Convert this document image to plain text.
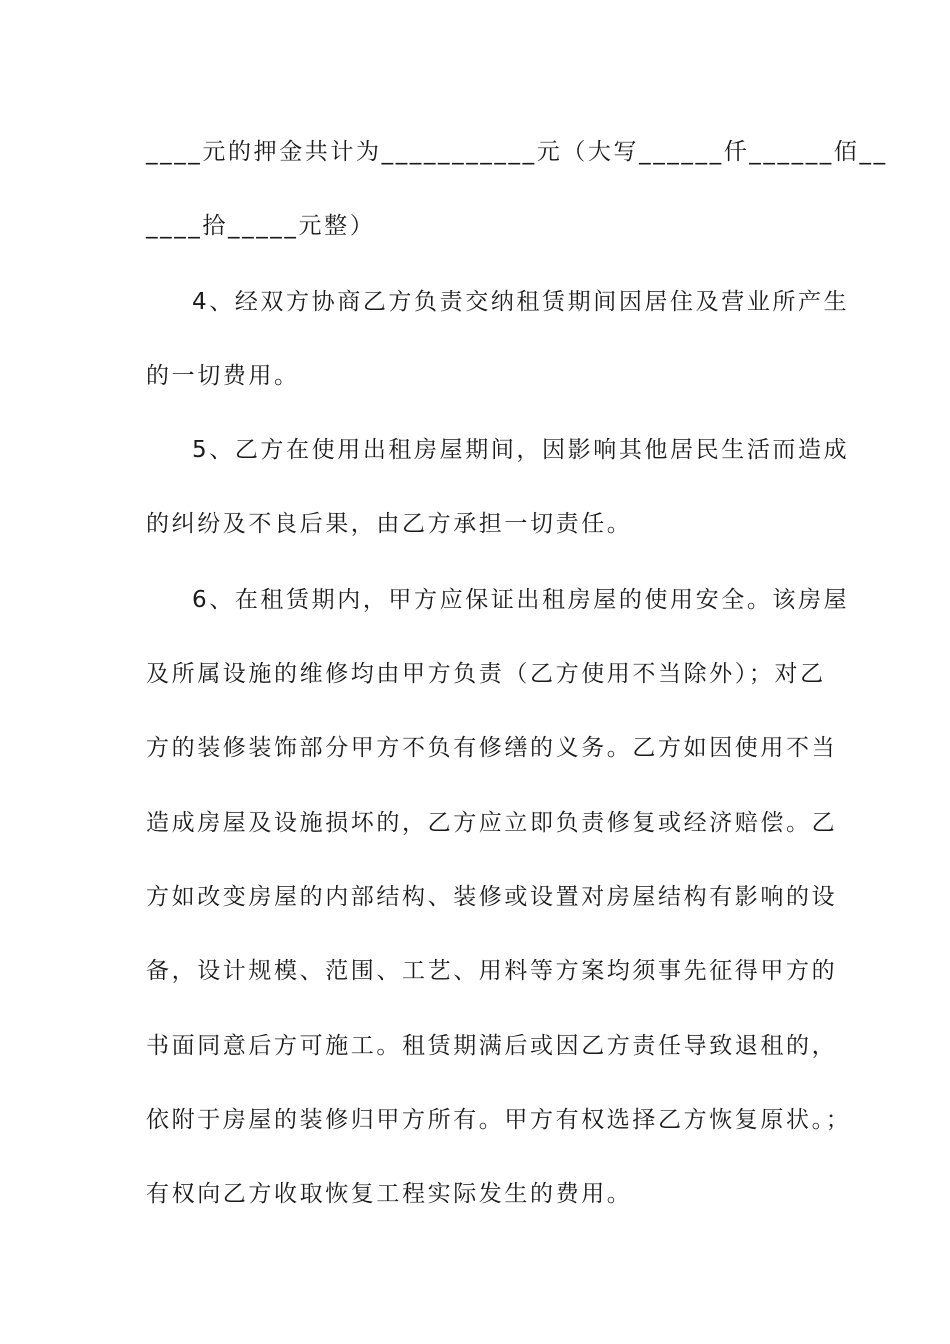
____元的押金共计为___________元（大写______仟______佰__
____拾_____元整）
4、经双方协商乙方负责交纳租赁期间因居住及营业所产生
的一切费用。
5、乙方在使用出租房屋期间，因影响其他居民生活而造成
的纠纷及不良后果，由乙方承担一切责任。
6、在租赁期内，甲方应保证出租房屋的使用安全。该房屋
及所属设施的维修均由甲方负责（乙方使用不当除外）；对乙
方的装修装饰部分甲方不负有修缮的义务。乙方如因使用不当
造成房屋及设施损坏的，乙方应立即负责修复或经济赔偿。乙
方如改变房屋的内部结构、装修或设置对房屋结构有影响的设
备，设计规模、范围、工艺、用料等方案均须事先征得甲方的
书面同意后方可施工。租赁期满后或因乙方责任导致退租的，
依附于房屋的装修归甲方所有。甲方有权选择乙方恢复原状。；
有权向乙方收取恢复工程实际发生的费用。
